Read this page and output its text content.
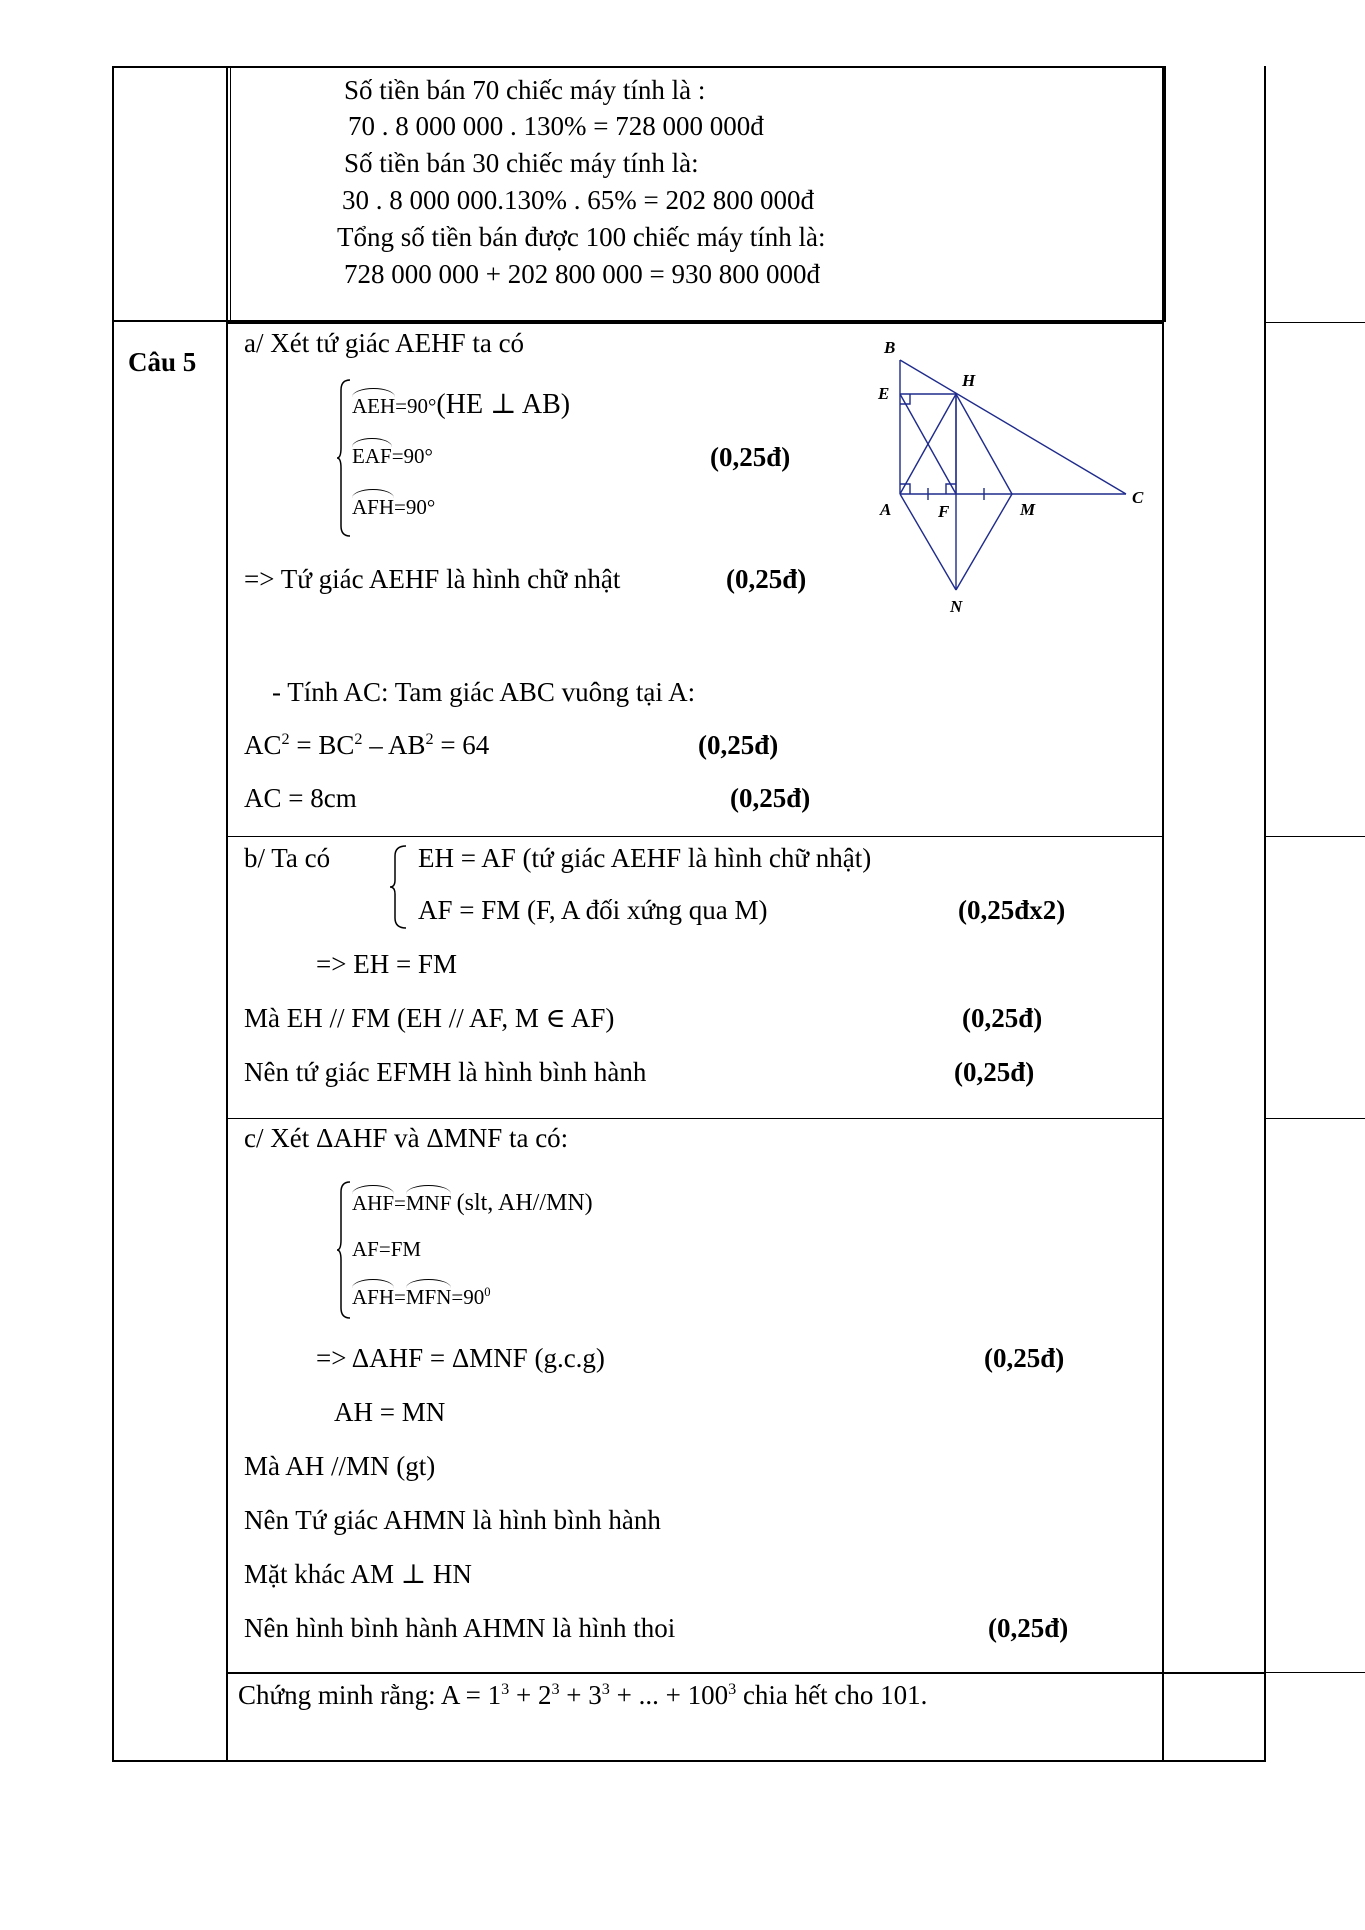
Số tiền bán 70 chiếc máy tính là :
70 . 8 000 000 . 130% = 728 000 000đ
Số tiền bán 30 chiếc máy tính là:
30 . 8 000 000.130% . 65% = 202 800 000đ
Tổng số tiền bán được 100 chiếc máy tính là:
728 000 000 + 202 800 000 = 930 800 000đ
Câu 5
a/ Xét tứ giác AEHF ta có
AEH=90°(HE ⊥ AB)
EAF=90°
AFH=90°
(0,25đ)
=> Tứ giác AEHF là hình chữ nhật	(0,25đ)
- Tính AC: Tam giác ABC vuông tại A:
$AC^2 = BC^2 - AB^2 = 64$	(0,25đ)
AC = 8cm	(0,25đ)
B
H
E
A	F	M
C
N
b/ Ta có	EH = AF (tứ giác AEHF là hình chữ nhật)
AF = FM (F, A đối xứng qua M)	(0,25đx2)
=> EH = FM
Mà EH // FM (EH // AF, M ∈ AF)	(0,25đ)
Nên tứ giác EFMH là hình bình hành	(0,25đ)
c/ Xét ΔAHF và ΔMNF ta có:
AHF=MNF (slt, AH//MN)
AF=FM
$AFH=MFN=90^0$
=> ΔAHF = ΔMNF (g.c.g)	(0,25đ)
AH = MN
Mà AH //MN (gt)
Nên Tứ giác AHMN là hình bình hành
Mặt khác AM ⊥ HN
Nên hình bình hành AHMN là hình thoi	(0,25đ)
Chứng minh rằng: $A = 1^3 + 2^3 + 3^3$ + ... + $100^3$ chia hết cho 101.
